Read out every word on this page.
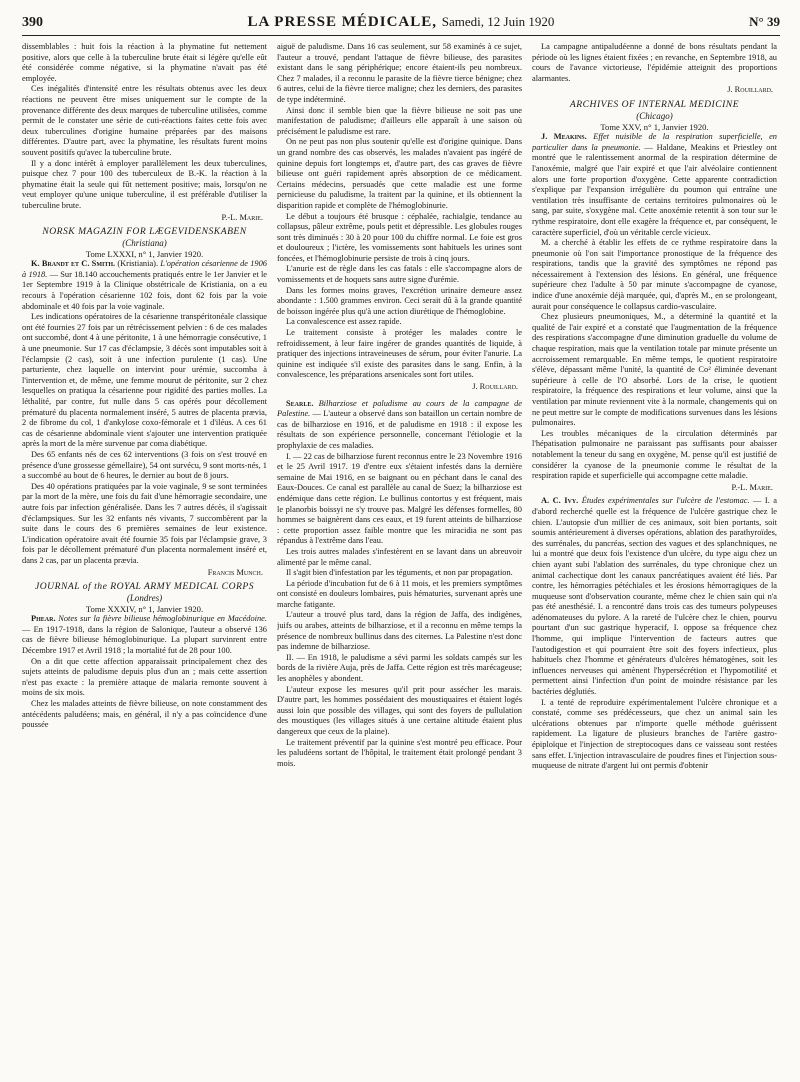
390	LA PRESSE MÉDICALE, Samedi, 12 Juin 1920	N° 39

dissemblables : huit fois la réaction à la phymatine fut nettement positive, alors que celle à la tuberculine brute était si légère qu'elle eût été considérée comme négative, si la phymatine n'avait pas été employée.

Ces inégalités d'intensité entre les résultats obtenus avec les deux réactions ne peuvent être mises uniquement sur le compte de la provenance différente des deux marques de tuberculine utilisées, comme permit de le constater une série de cuti-réactions faites cette fois avec deux tuberculines d'origine humaine préparées par des maisons différentes. D'autre part, avec la phymatine, les résultats furent moins souvent positifs qu'avec la tuberculine brute.

Il y a donc intérêt à employer parallèlement les deux tuberculines, puisque chez 7 pour 100 des tuberculeux de B.-K. la réaction à la phymatine était la seule qui fût nettement positive; mais, lorsqu'on ne veut employer qu'une unique tuberculine, il est préférable d'utiliser la tuberculine brute.

P.-L. Marie.

NORSK MAGAZIN FOR LÆGEVIDENSKABEN

(Christiana)

Tome LXXXI, n° 1, Janvier 1920.

K. Brandt et C. Smith. (Kristiania). L'opération césarienne de 1906 à 1918. — Sur 18.140 accouchements pratiqués entre le 1er Janvier et le 1er Septembre 1919 à la Clinique obstétricale de Kristiania, on a eu recours à l'opération césarienne 102 fois, dont 62 fois par la voie abdominale et 40 fois par la voie vaginale.

Les indications opératoires de la césarienne transpéritonéale classique ont été fournies 27 fois par un rétrécissement pelvien : 6 de ces malades ont succombé, dont 4 à une péritonite, 1 à une hémorragie consécutive, 1 à une pneumonie. Sur 17 cas d'éclampsie, 3 décès sont imputables soit à l'éclampsie (2 cas), soit à une infection purulente (1 cas). Une parturiente, chez laquelle on intervint pour urémie, succomba à l'intervention et, de même, une femme mourut de péritonite, sur 2 chez lesquelles on pratiqua la césarienne pour rigidité des parties molles. La léthalité, par contre, fut nulle dans 5 cas opérés pour décollement prématuré du placenta normalement inséré, 5 autres de placenta prævia, 2 de fibrome du col, 1 d'ankylose coxo-fémorale et 1 d'iléus. A ces 61 cas de césarienne abdominale vient s'ajouter une intervention pratiquée après la mort de la mère survenue par coma diabétique.

Des 65 enfants nés de ces 62 interventions (3 fois on s'est trouvé en présence d'une grossesse gémellaire), 54 ont survécu, 9 sont morts-nés, 1 a succombé au bout de 6 heures, le dernier au bout de 8 jours.

Des 40 opérations pratiquées par la voie vaginale, 9 se sont terminées par la mort de la mère, une fois du fait d'une hémorragie secondaire, une autre fois par infection généralisée. Dans les 7 autres décès, il s'agissait d'éclampsiques. Sur les 32 enfants nés vivants, 7 succombèrent par la suite dans le cours des 6 premières semaines de leur existence. L'indication opératoire avait été fournie 35 fois par l'éclampsie grave, 3 fois par le décollement prématuré d'un placenta normalement inséré et, dans 2 cas, par un placenta prævia.

Francis Munch.

JOURNAL of the ROYAL ARMY MEDICAL CORPS

(Londres)

Tome XXXIV, n° 1, Janvier 1920.

Phear. Notes sur la fièvre bilieuse hémoglobinurique en Macédoine. — En 1917-1918, dans la région de Salonique, l'auteur a observé 136 cas de fièvre bilieuse hémoglobinurique. La plupart survinrent entre Décembre 1917 et Avril 1918 ; la mortalité fut de 28 pour 100.

On a dit que cette affection apparaissait principalement chez des sujets atteints de paludisme depuis plus d'un an ; mais cette assertion n'est pas exacte : la première attaque de malaria remonte souvent à moins de six mois.

Chez les malades atteints de fièvre bilieuse, on note constamment des antécédents paludéens; mais, en général, il n'y a pas coïncidence d'une poussée

aiguë de paludisme. Dans 16 cas seulement, sur 58 examinés à ce sujet, l'auteur a trouvé, pendant l'attaque de fièvre bilieuse, des parasites existant dans le sang périphérique; encore étaient-ils peu nombreux. Chez 7 malades, il a reconnu le parasite de la fièvre tierce bénigne; chez 6 autres, celui de la fièvre tierce maligne; chez les derniers, des parasites de type indéterminé.

Ainsi donc il semble bien que la fièvre bilieuse ne soit pas une manifestation de paludisme; d'ailleurs elle apparaît à une saison où précisément le paludisme est rare.

On ne peut pas non plus soutenir qu'elle est d'origine quinique. Dans un grand nombre des cas observés, les malades n'avaient pas ingéré de quinine depuis fort longtemps et, d'autre part, des cas graves de fièvre bilieuse ont guéri rapidement après absorption de ce médicament. Certains médecins, persuadés que cette maladie est une forme pernicieuse du paludisme, la traitent par la quinine, et ils obtiennent la disparition rapide et complète de l'hémoglobinurie.

Le début a toujours été brusque : céphalée, rachialgie, tendance au collapsus, pâleur extrême, pouls petit et dépressible. Les globules rouges sont très diminués : 30 à 20 pour 100 du chiffre normal. Le foie est gros et douloureux ; l'ictère, les vomissements sont habituels les urines sont foncées, et l'hémoglobinurie persiste de trois à cinq jours.

L'anurie est de règle dans les cas fatals : elle s'accompagne alors de vomissements et de hoquets sans autre signe d'urémie.

Dans les formes moins graves, l'excrétion urinaire demeure assez abondante : 1.500 grammes environ. Ceci serait dû à la grande quantité de boisson ingérée plus qu'à une action diurétique de l'hémoglobine.

La convalescence est assez rapide.

Le traitement consiste à protéger les malades contre le refroidissement, à leur faire ingérer de grandes quantités de liquide, à pratiquer des injections intraveineuses de sérum, pour éviter l'anurie. La quinine est indiquée s'il existe des parasites dans le sang. Enfin, à la convalescence, les préparations arsenicales sont fort utiles.

J. Rouillard.

Searle. Bilharziose et paludisme au cours de la campagne de Palestine. — L'auteur a observé dans son bataillon un certain nombre de cas de bilharziose en 1916, et de paludisme en 1918 : il expose les résultats de son expérience personnelle, concernant l'étiologie et la prophylaxie de ces maladies.

I. — 22 cas de bilharziose furent reconnus entre le 23 Novembre 1916 et le 25 Avril 1917. 19 d'entre eux s'étaient infestés dans la dernière semaine de Mai 1916, en se baignant ou en péchant dans le canal des Eaux-Douces. Ce canal est parallèle au canal de Suez; la bilharziose est endémique dans cette région. Le bullinus contortus y est fréquent, mais le planorbis boissyi ne s'y trouve pas. Malgré les défenses formelles, 80 hommes se baignèrent dans ces eaux, et 19 furent atteints de bilharziose : cette proportion assez faible montre que les miracidia ne sont pas répandus à l'extrême dans l'eau.

Les trois autres malades s'infestèrent en se lavant dans un abreuvoir alimenté par le même canal.

Il s'agit bien d'infestation par les téguments, et non par propagation.

La période d'incubation fut de 6 à 11 mois, et les premiers symptômes ont consisté en douleurs lombaires, puis hématuries, survenant après une marche fatigante.

L'auteur a trouvé plus tard, dans la région de Jaffa, des indigènes, juifs ou arabes, atteints de bilharziose, et il a reconnu en même temps la présence de nombreux bullinus dans des citernes. La Palestine n'est donc pas indemne de bilharziose.

II. — En 1918, le paludisme a sévi parmi les soldats campés sur les bords de la rivière Auja, près de Jaffa. Cette région est très marécageuse; les anophèles y abondent.

L'auteur expose les mesures qu'il prit pour assécher les marais. D'autre part, les hommes possédaient des moustiquaires et étaient logés aussi loin que possible des villages, qui sont des foyers de pullulation des moustiques (les villages situés à une certaine altitude étaient plus dangereux que ceux de la plaine).

Le traitement préventif par la quinine s'est montré peu efficace. Pour les paludéens sortant de l'hôpital, le traitement était prolongé pendant 3 mois.

La campagne antipaludéenne a donné de bons résultats pendant la période où les lignes étaient fixées ; en revanche, en Septembre 1918, au cours de l'avance victorieuse, l'épidémie atteignit des proportions alarmantes.

J. Rouillard.

ARCHIVES OF INTERNAL MEDICINE

(Chicago)

Tome XXV, n° 1, Janvier 1920.

J. Meakins. Effet nuisible de la respiration superficielle, en particulier dans la pneumonie. — Haldane, Meakins et Priestley ont montré que le ralentissement anormal de la respiration détermine de l'anoxémie, malgré que l'air expiré et que l'air alvéolaire contiennent alors une forte proportion d'oxygène. Cette apparente contradiction s'explique par l'expansion irrégulière du poumon qui entraîne une ventilation très insuffisante de certains territoires pulmonaires où le sang, par suite, s'oxygène mal. Cette anoxémie retentit à son tour sur le rythme respiratoire, dont elle exagère la fréquence et, par conséquent, le caractère superficiel, d'où un véritable cercle vicieux.

M. a cherché à établir les effets de ce rythme respiratoire dans la pneumonie où l'on sait l'importance pronostique de la fréquence des respirations, tandis que la gravité des symptômes ne répond pas nécessairement à l'extension des lésions. En général, une fréquence supérieure chez l'adulte à 50 par minute s'accompagne de cyanose, indice d'une anoxémie déjà marquée, qui, d'après M., en se prolongeant, aurait pour conséquence le collapsus cardio-vasculaire.

Chez plusieurs pneumoniques, M., a déterminé la quantité et la qualité de l'air expiré et a constaté que l'augmentation de la fréquence des respirations s'accompagne d'une diminution graduelle du volume de chaque respiration, mais que la ventilation totale par minute présente un accroissement remarquable. En même temps, le quotient respiratoire s'élève, dépassant même l'unité, la quantité de Co² éliminée devenant supérieure à celle de l'O absorbé. Lors de la crise, le quotient respiratoire, la fréquence des respirations et leur volume, ainsi que la ventilation par minute reviennent vite à la normale, changements qui on ne peut mettre sur le compte de modifications survenues dans les lésions pulmonaires.

Les troubles mécaniques de la circulation déterminés par l'hépatisation pulmonaire ne paraissant pas suffisants pour abaisser notablement la teneur du sang en oxygène, M. pense qu'il est justifié de considérer la cyanose de la pneumonie comme le résultat de la respiration rapide et superficielle qui accompagne cette maladie.

P.-L. Marie.

A. C. Ivy. Études expérimentales sur l'ulcère de l'estomac. — I. a d'abord recherché quelle est la fréquence de l'ulcère gastrique chez le chien. L'autopsie d'un millier de ces animaux, soit bien portants, soit soumis antérieurement à diverses opérations, ablation des parathyroïdes, des surrénales, du pancréas, section des vagues et des splanchniques, ne lui a montré que deux fois l'existence d'un ulcère, du type aigu chez un chien ayant subi l'ablation des surrénales, du type chronique chez un animal cachectique dont les canaux pancréatiques avaient été liés. Par contre, les hémorragies pétéchiales et les érosions hémorragiques de la muqueuse sont d'observation courante, même chez le chien sain qui n'a pas été anesthésié. I. a rencontré dans trois cas des tumeurs polypeuses adénomateuses du pylore. A la rareté de l'ulcère chez le chien, pourvu pourtant d'un suc gastrique hyperacif, I. oppose sa fréquence chez l'homme, qui implique l'intervention de facteurs autres que l'autodigestion et qui pourraient être soit des foyers infectieux, plus habituels chez l'homme et générateurs d'ulcères hématogènes, soit les influences nerveuses qui amènent l'hypersécrétion et l'hypomotilité et permettent ainsi l'infection d'un point de moindre résistance par les bactéries déglutiés.

I. a tenté de reproduire expérimentalement l'ulcère chronique et a constaté, comme ses prédécesseurs, que chez un animal sain les ulcérations obtenues par n'importe quelle méthode guérissent rapidement. La ligature de plusieurs branches de l'artère gastro-épiploïque et l'injection de streptocoques dans ce vaisseau sont restées sans effet. L'injection intravasculaire de poudres fines et l'injection sous-muqueuse de nitrate d'argent lui ont permis d'obtenir
